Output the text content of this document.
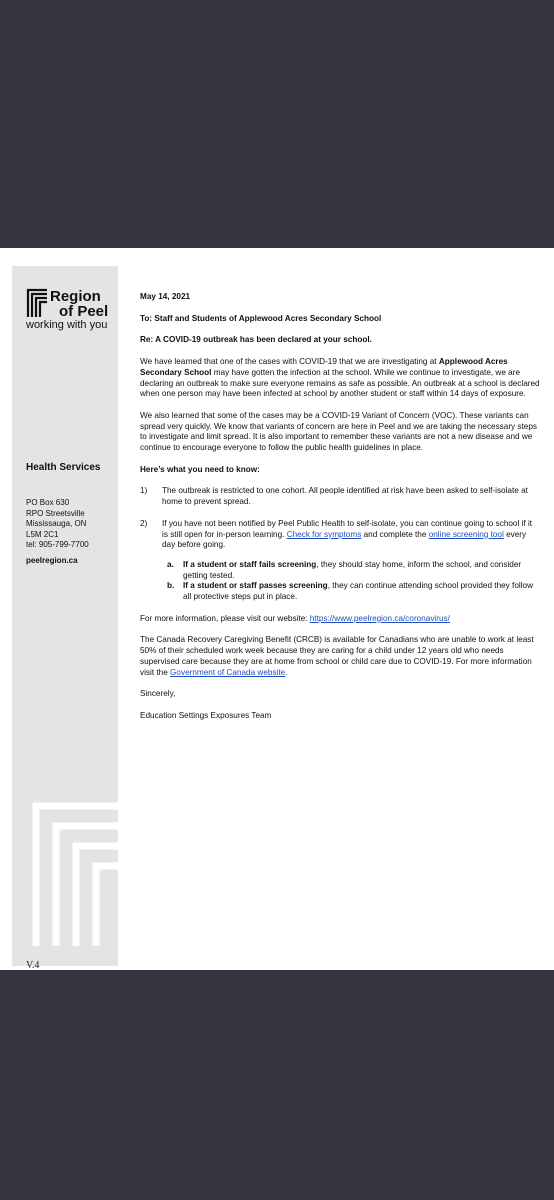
Region
of Peel
working with you
Health Services
PO Box 630
RPO Streetsville
Mississauga, ON
L5M 2C1
tel: 905-799-7700
peelregion.ca
V.4

May 14, 2021

To: Staff and Students of Applewood Acres Secondary School

Re: A COVID-19 outbreak has been declared at your school.

We have learned that one of the cases with COVID-19 that we are investigating at Applewood Acres Secondary School may have gotten the infection at the school. While we continue to investigate, we are declaring an outbreak to make sure everyone remains as safe as possible. An outbreak at a school is declared when one person may have been infected at school by another student or staff within 14 days of exposure.

We also learned that some of the cases may be a COVID-19 Variant of Concern (VOC). These variants can spread very quickly. We know that variants of concern are here in Peel and we are taking the necessary steps to investigate and limit spread. It is also important to remember these variants are not a new disease and we continue to encourage everyone to follow the public health guidelines in place.

Here’s what you need to know:

1)	The outbreak is restricted to one cohort. All people identified at risk have been asked to self-isolate at home to prevent spread.
2)	If you have not been notified by Peel Public Health to self-isolate, you can continue going to school if it is still open for in-person learning. Check for symptoms and complete the online screening tool every day before going.
a.	If a student or staff fails screening, they should stay home, inform the school, and consider getting tested.
b.	If a student or staff passes screening, they can continue attending school provided they follow all protective steps put in place.

For more information, please visit our website: https://www.peelregion.ca/coronavirus/

The Canada Recovery Caregiving Benefit (CRCB) is available for Canadians who are unable to work at least 50% of their scheduled work week because they are caring for a child under 12 years old who needs supervised care because they are at home from school or child care due to COVID-19. For more information visit the Government of Canada website.

Sincerely,

Education Settings Exposures Team
